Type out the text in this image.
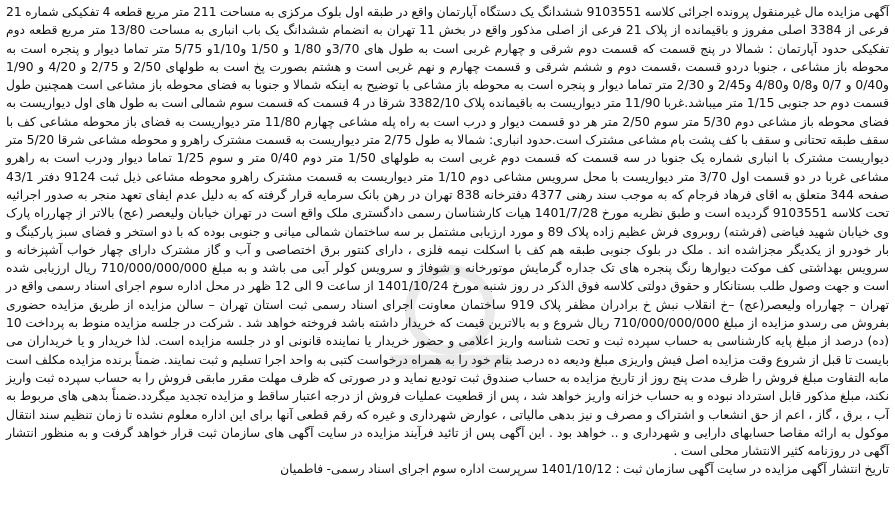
آگهی مزایده مال غیرمنقول پرونده اجرائی کلاسه 9103551 ششدانگ یک دستگاه آپارتمان واقع در طبقه اول بلوک مرکزی به مساحت 211 متر مربع قطعه 4 تفکیکی شماره 21 فرعی از 3384 اصلی مفروز و باقیمانده از پلاک 21 فرعی از اصلی مذکور واقع در بخش 11 تهران به انضمام ششدانگ یک باب انباری به مساحت 13/80 متر مربع قطعه دوم تفکیکی حدود آپارتمان : شمالا در پنج قسمت که قسمت دوم شرقی و چهارم غربی است به طول های 3/70و 1/80 و 1/50 و1/10و 5/75 متر تماما دیوار و پنجره است به محوطه باز مشاعی ، جنوبا دردو قسمت ،قسمت دوم و ششم شرقی و قسمت چهارم و نهم غربی است و هشتم بصورت پخ است به طولهای 2/50 و 2/75 و 4/20 و 1/90 و0/40 و 0/7 و0/8 و4/80 و2/45 و 2/30 متر تماما دیوار و پنجره است به محوطه باز مشاعی با توضیح به اینکه شمالا و جنوبا به فضای محوطه باز مشاعی است همچنین طول قسمت دوم حد جنوبی 1/15 متر میباشد.غربا 11/90 متر دیواریست به باقیمانده پلاک 3382/10 شرقا در 4 قسمت که قسمت سوم شمالی است به طول های اول دیواریست به فضای محوطه باز مشاعی دوم 5/30 متر سوم 2/50 متر هر دو قسمت دیوار و درب است به راه پله مشاعی چهارم 11/80 متر دیواریست به فضای باز محوطه مشاعی کف با سقف طبقه تحتانی و سقف با کف پشت بام مشاعی مشترک است.حدود انباری: شمالا به طول 2/75 متر دیواریست به قسمت مشترک راهرو و محوطه مشاعی شرقا 5/20 متر دیواریست مشترک با انباری شماره یک جنوبا در سه قسمت که قسمت دوم غربی است به طولهای 1/50 متر دوم 0/40 متر و سوم 1/25 تماما دیوار ودرب است به راهرو مشاعی غربا در دو قسمت اول 3/70 متر دیواریست با محل سرویس مشاعی دوم 1/10 متر دیواریست به قسمت مشترک راهرو محوطه مشاعی ذیل ثبت 9124 دفتر 43/1 صفحه 344 متعلق به اقای فرهاد فرجام که به موجب سند رهنی 4377 دفترخانه 838 تهران در رهن بانک سرمایه قرار گرفته که به دلیل عدم ایفای تعهد منجر به صدور اجرائیه تحت کلاسه 9103551 گردیده است و طبق نظریه مورخ 1401/7/28 هیات کارشناسان رسمی دادگستری ملک واقع است در تهران خیابان ولیعصر (عج) بالاتر از چهارراه پارک وی خیابان شهید فیاضی (فرشته) روبروی فرش عظیم زاده پلاک 89 و مورد ارزیابی مشتمل بر سه ساختمان شمالی میانی و جنوبی بوده که با دو استخر و فضای سبز پارکینگ و بار خودرو از یکدیگر مجزاشده اند . ملک در بلوک جنوبی طبقه هم کف با اسکلت نیمه فلزی ، دارای کنتور برق اختصاصی و آب و گاز مشترک دارای چهار خواب آشپزخانه و سرویس بهداشتی کف موکت دیوارها رنگ پنجره های تک جداره گرمایش موتورخانه و شوفاژ و سرویس کولر آبی می باشد و به مبلغ 710/000/000/000 ریال ارزیابی شده است و جهت وصول طلب بستانکار و حقوق دولتی کلاسه فوق الذکر در روز شنبه مورخ 1401/10/24 از ساعت 9 الی 12 ظهر در محل اداره سوم اجرای اسناد رسمی واقع در تهران – چهارراه ولیعصر(عج) –خ انقلاب نبش خ برادران مظفر پلاک 919 ساختمان معاونت اجرای اسناد رسمی ثبت استان تهران – سالن مزایده از طریق مزایده حضوری بفروش می رسدو مزایده از مبلغ 710/000/000/000 ریال شروع و به بالاترین قیمت که خریدار داشته باشد فروخته خواهد شد . شرکت در جلسه مزایده منوط به پرداخت 10 (ده) درصد از مبلغ پایه کارشناسی به حساب سپرده ثبت و تحت شناسه واریز اعلامی و حضور خریدار یا نماینده قانونی او در جلسه مزایده است. لذا خریدار و یا خریداران می بایست تا قبل از شروع وقت مزایده اصل فیش واریزی مبلغ ودیعه ده درصد بنام خود را به همراه درخواست کتبی به واحد اجرا تسلیم و ثبت نمایند. ضمناً برنده مزایده مکلف است مابه التفاوت مبلغ فروش را ظرف مدت پنج روز از تاریخ مزایده به حساب صندوق ثبت تودیع نماید و در صورتی که ظرف مهلت مقرر مابقی فروش را به حساب سپرده ثبت واریز نکند، مبلغ مذکور قابل استرداد نبوده و به حساب خزانه واریز خواهد شد ، پس از قطعیت عملیات فروش از درجه اعتبار ساقط و مزایده تجدید میگردد.ضمناً بدهی های مربوط به آب ، برق ، گاز ، اعم از حق انشعاب و اشتراک و مصرف و نیز بدهی مالیاتی ، عوارض شهرداری و غیره که رقم قطعی آنها برای این اداره معلوم نشده تا زمان تنظیم سند انتقال موکول به ارائه مفاصا حسابهای دارایی و شهرداری و .. خواهد بود . این آگهی پس از تائید فرآیند مزایده در سایت آگهی های سازمان ثبت قرار خواهد گرفت و به منظور انتشار آگهی در روزنامه کثیر الانتشار محلی است .

تاریخ انتشار آگهی مزایده در سایت آگهی سازمان ثبت : 1401/10/12 سرپرست اداره سوم اجرای اسناد رسمی- فاطمیان
